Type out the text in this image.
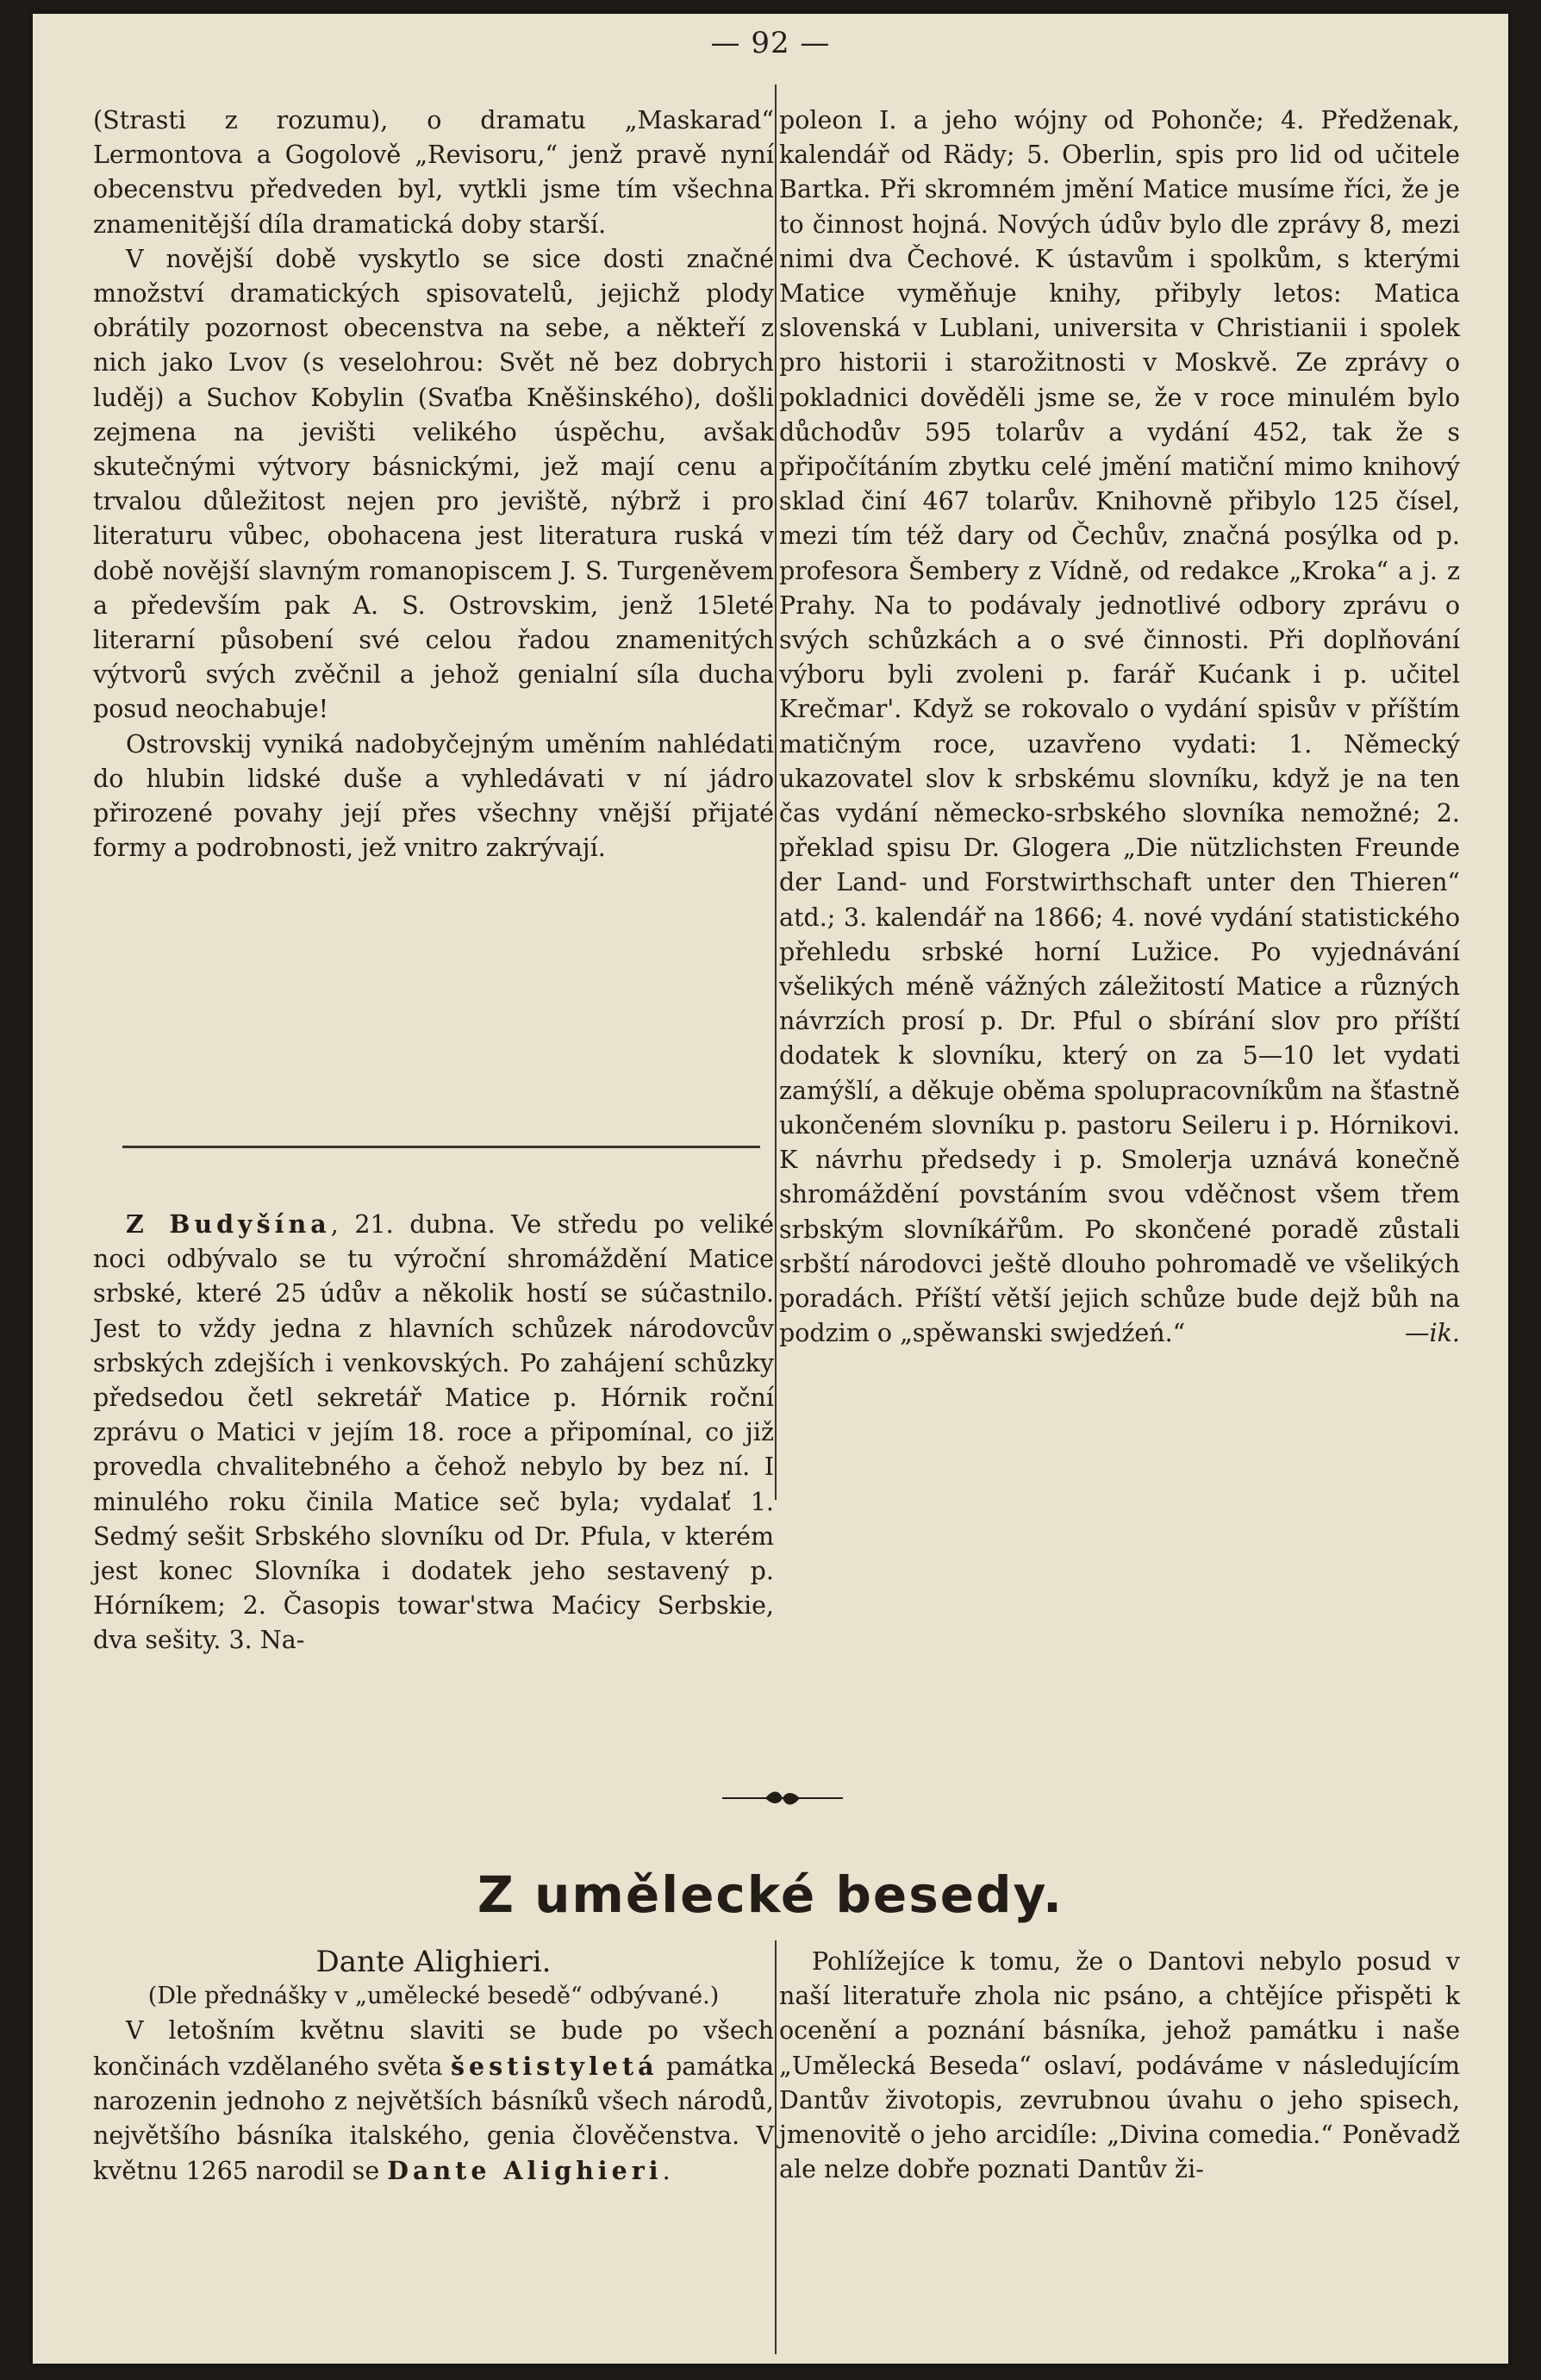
— 92 —

(Strasti z rozumu), o dramatu „Maskarad“ Lermontova a Gogolově „Revisoru,“ jenž pravě nyní obecenstvu předveden byl, vytkli jsme tím všechna znamenitější díla dramatická doby starší.

V novější době vyskytlo se sice dosti značné množství dramatických spisovatelů, jejichž plody obrátily pozornost obecenstva na sebe, a někteří z nich jako Lvov (s veselohrou: Svět ně bez dobrych luděj) a Suchov Kobylin (Svaťba Kněšinského), došli zejmena na jevišti velikého úspěchu, avšak skutečnými výtvory básnickými, jež mají cenu a trvalou důležitost nejen pro jeviště, nýbrž i pro literaturu vůbec, obohacena jest literatura ruská v době novější slavným romanopiscem J. S. Turgeněvem a především pak A. S. Ostrovskim, jenž 15leté literarní působení své celou řadou znamenitých výtvorů svých zvěčnil a jehož genialní síla ducha posud neochabuje!

Ostrovskij vyniká nadobyčejným uměním nahlédati do hlubin lidské duše a vyhledávati v ní jádro přirozené povahy její přes všechny vnější přijaté formy a podrobnosti, jež vnitro zakrývají.

Z Budyšína, 21. dubna. Ve středu po veliké noci odbývalo se tu výroční shromáždění Matice srbské, které 25 údův a několik hostí se súčastnilo. Jest to vždy jedna z hlavních schůzek národovcův srbských zdejších i venkovských. Po zahájení schůzky předsedou četl sekretář Matice p. Hórnik roční zprávu o Matici v jejím 18. roce a připomínal, co již provedla chvalitebného a čehož nebylo by bez ní. I minulého roku činila Matice seč byla; vydalať 1. Sedmý sešit Srbského slovníku od Dr. Pfula, v kterém jest konec Slovníka i dodatek jeho sestavený p. Hórníkem; 2. Časopis towar'stwa Maćicy Serbskie, dva sešity. 3. Na-

poleon I. a jeho wójny od Pohonče; 4. Předženak, kalendář od Rädy; 5. Oberlin, spis pro lid od učitele Bartka. Při skromném jmění Matice musíme říci, že je to činnost hojná. Nových údův bylo dle zprávy 8, mezi nimi dva Čechové. K ústavům i spolkům, s kterými Matice vyměňuje knihy, přibyly letos: Matica slovenská v Lublani, universita v Christianii i spolek pro historii i starožitnosti v Moskvě. Ze zprávy o pokladnici dověděli jsme se, že v roce minulém bylo důchodův 595 tolarův a vydání 452, tak že s připočítáním zbytku celé jmění matiční mimo knihový sklad činí 467 tolarův. Knihovně přibylo 125 čísel, mezi tím též dary od Čechův, značná posýlka od p. profesora Šembery z Vídně, od redakce „Kroka“ a j. z Prahy. Na to podávaly jednotlivé odbory zprávu o svých schůzkách a o své činnosti. Při doplňování výboru byli zvoleni p. farář Kućank i p. učitel Krečmar'. Když se rokovalo o vydání spisův v příštím matičným roce, uzavřeno vydati: 1. Německý ukazovatel slov k srbskému slovníku, když je na ten čas vydání německo-srbského slovníka nemožné; 2. překlad spisu Dr. Glogera „Die nützlichsten Freunde der Land- und Forstwirthschaft unter den Thieren“ atd.; 3. kalendář na 1866; 4. nové vydání statistického přehledu srbské horní Lužice. Po vyjednávání všelikých méně vážných záležitostí Matice a různých návrzích prosí p. Dr. Pful o sbírání slov pro příští dodatek k slovníku, který on za 5—10 let vydati zamýšlí, a děkuje oběma spolupracovníkům na šťastně ukončeném slovníku p. pastoru Seileru i p. Hórnikovi. K návrhu předsedy i p. Smolerja uznává konečně shromáždění povstáním svou vděčnost všem třem srbským slovníkářům. Po skončené poradě zůstali srbští národovci ještě dlouho pohromadě ve všelikých poradách. Příští větší jejich schůze bude dejž bůh na podzim o „spěwanski swjedźeń.“	—ik.

Z umělecké besedy.

Dante Alighieri.

(Dle přednášky v „umělecké besedě“ odbývané.)

V letošním květnu slaviti se bude po všech končinách vzdělaného světa šestistyletá památka narozenin jednoho z největších básníků všech národů, největšího básníka italského, genia člověčenstva. V květnu 1265 narodil se Dante Alighieri.

Pohlížejíce k tomu, že o Dantovi nebylo posud v naší literatuře zhola nic psáno, a chtějíce přispěti k ocenění a poznání básníka, jehož památku i naše „Umělecká Beseda“ oslaví, podáváme v následujícím Dantův životopis, zevrubnou úvahu o jeho spisech, jmenovitě o jeho arcidíle: „Divina comedia.“ Poněvadž ale nelze dobře poznati Dantův ži-
